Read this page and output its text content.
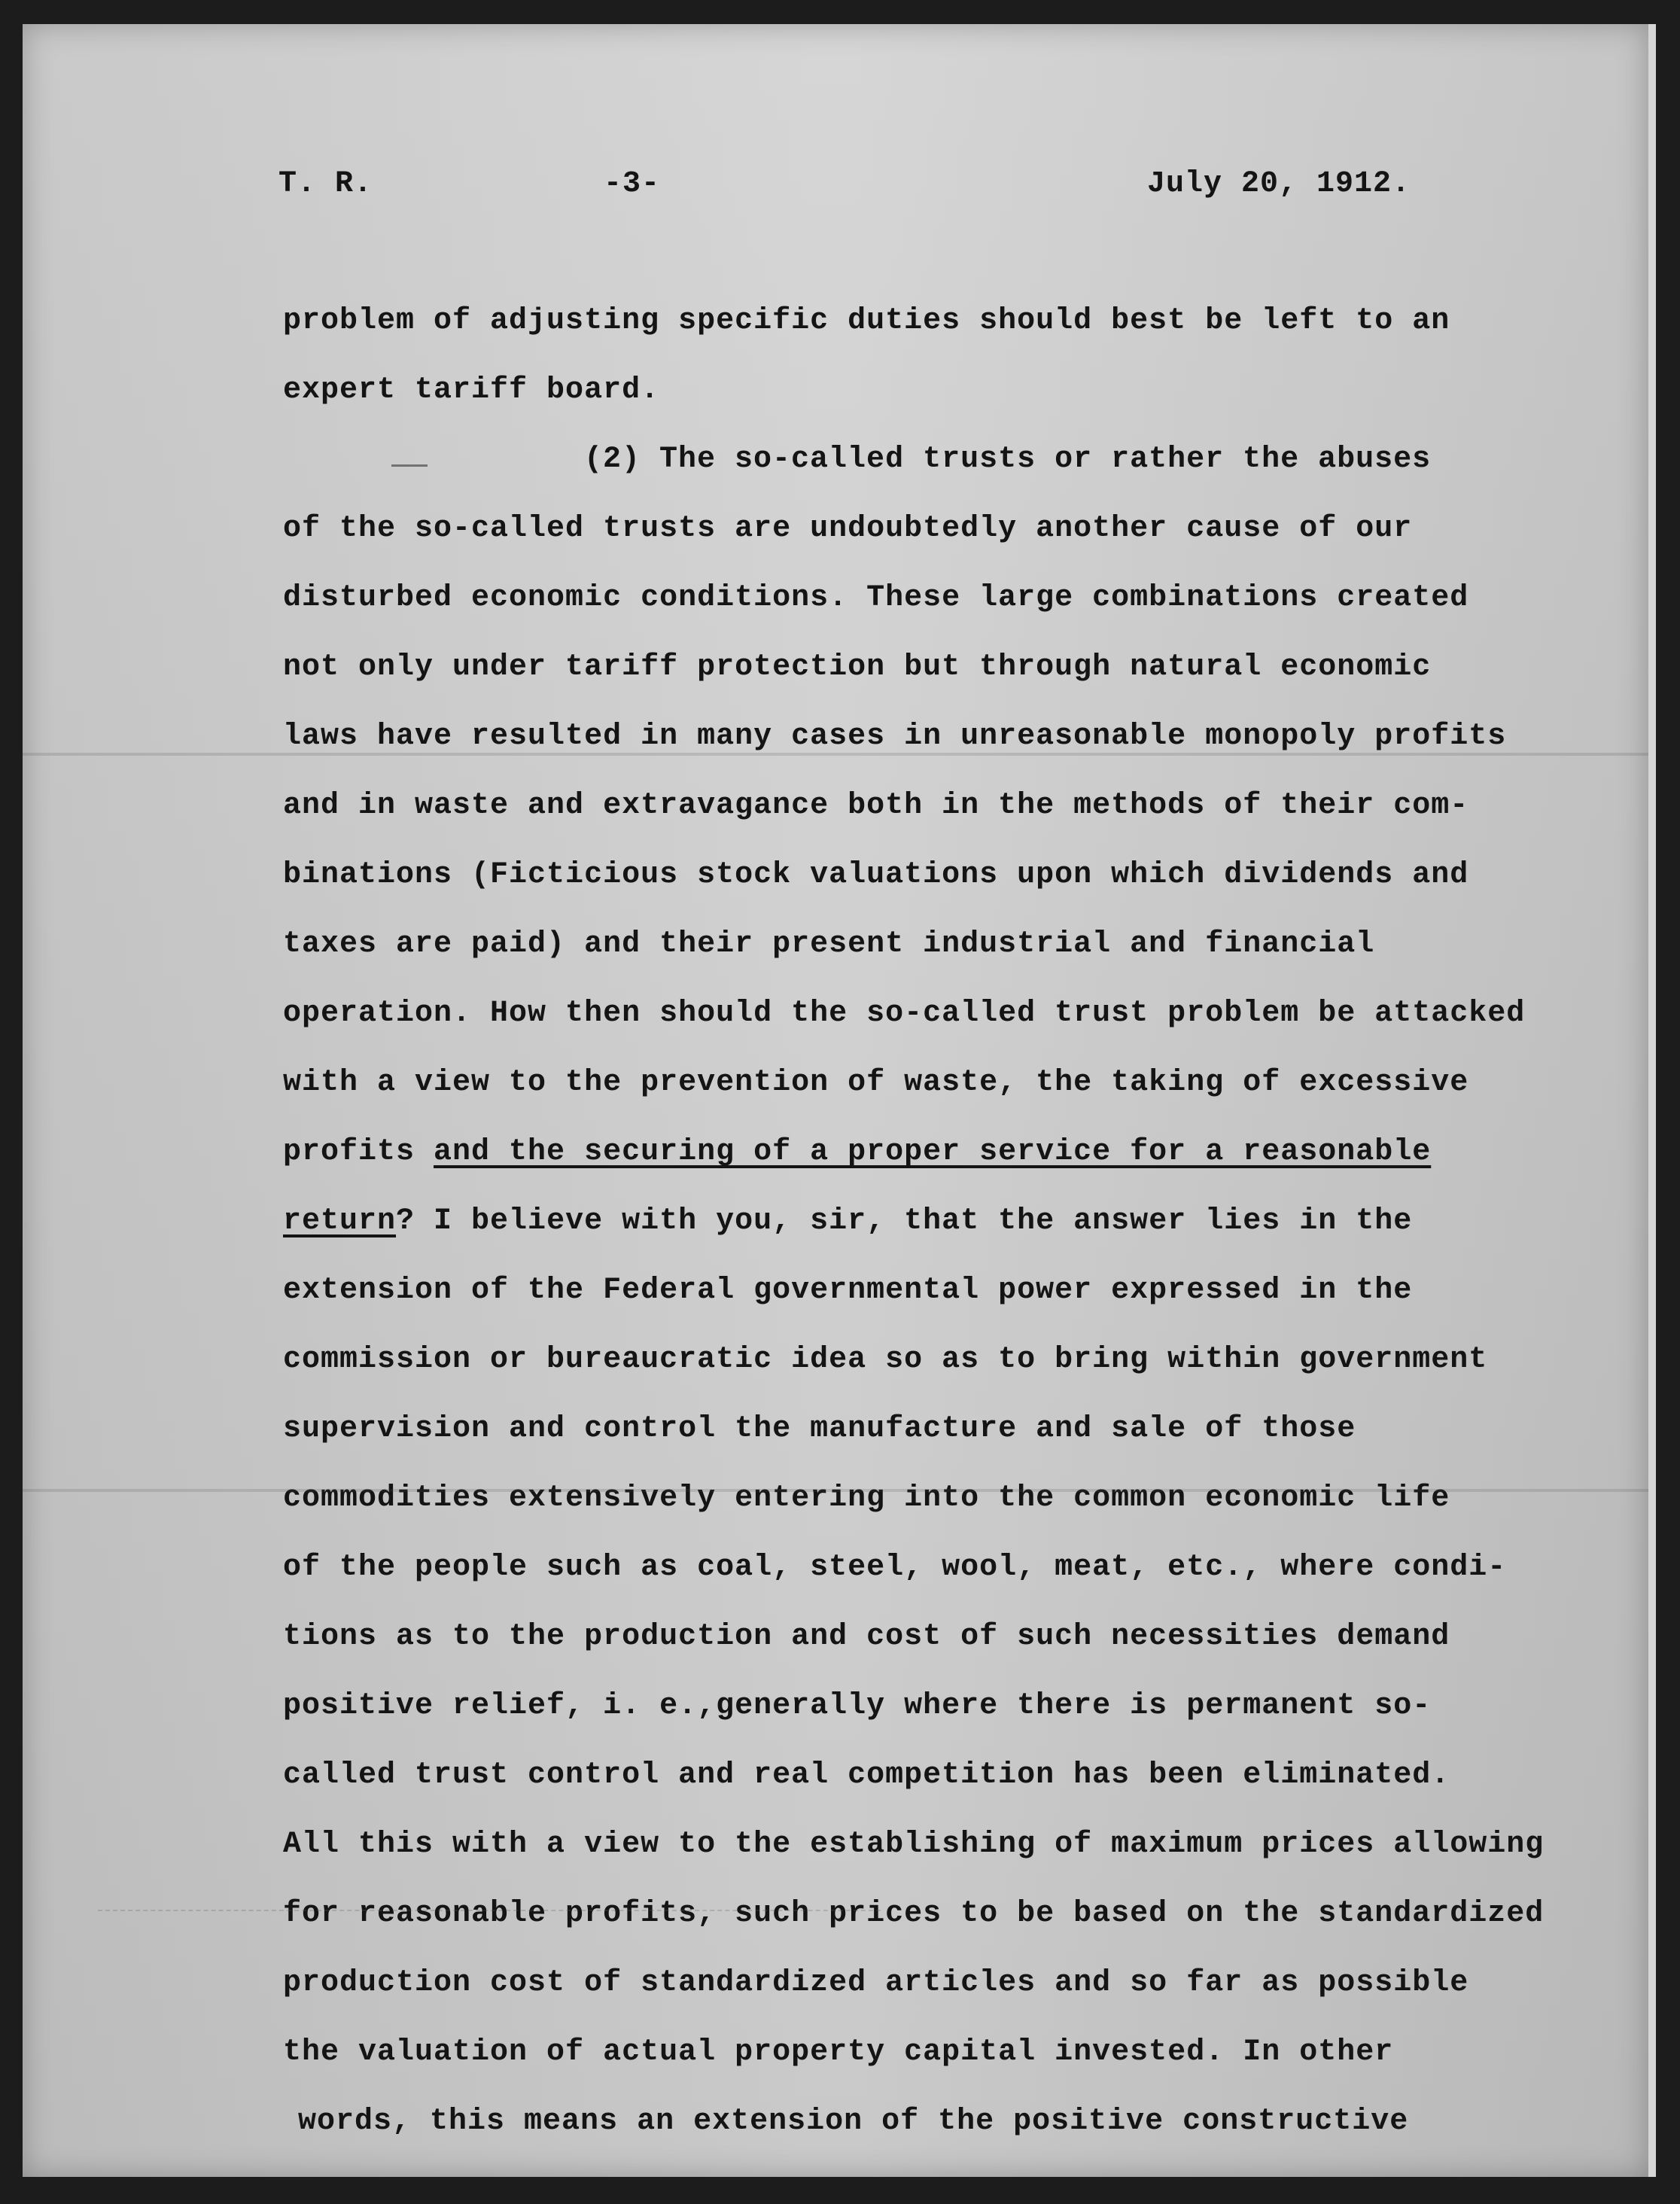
T. R.	-3-	July 20, 1912.
problem of adjusting specific duties should best be left to an
expert tariff board.
(2) The so-called trusts or rather the abuses
of the so-called trusts are undoubtedly another cause of our
disturbed economic conditions. These large combinations created
not only under tariff protection but through natural economic
laws have resulted in many cases in unreasonable monopoly profits
and in waste and extravagance both in the methods of their com-
binations (Ficticious stock valuations upon which dividends and
taxes are paid) and their present industrial and financial
operation. How then should the so-called trust problem be attacked
with a view to the prevention of waste, the taking of excessive
profits and the securing of a proper service for a reasonable
return? I believe with you, sir, that the answer lies in the
extension of the Federal governmental power expressed in the
commission or bureaucratic idea so as to bring within government
supervision and control the manufacture and sale of those
commodities extensively entering into the common economic life
of the people such as coal, steel, wool, meat, etc., where condi-
tions as to the production and cost of such necessities demand
positive relief, i. e.,generally where there is permanent so-
called trust control and real competition has been eliminated.
All this with a view to the establishing of maximum prices allowing
for reasonable profits, such prices to be based on the standardized
production cost of standardized articles and so far as possible
the valuation of actual property capital invested. In other
words, this means an extension of the positive constructive
